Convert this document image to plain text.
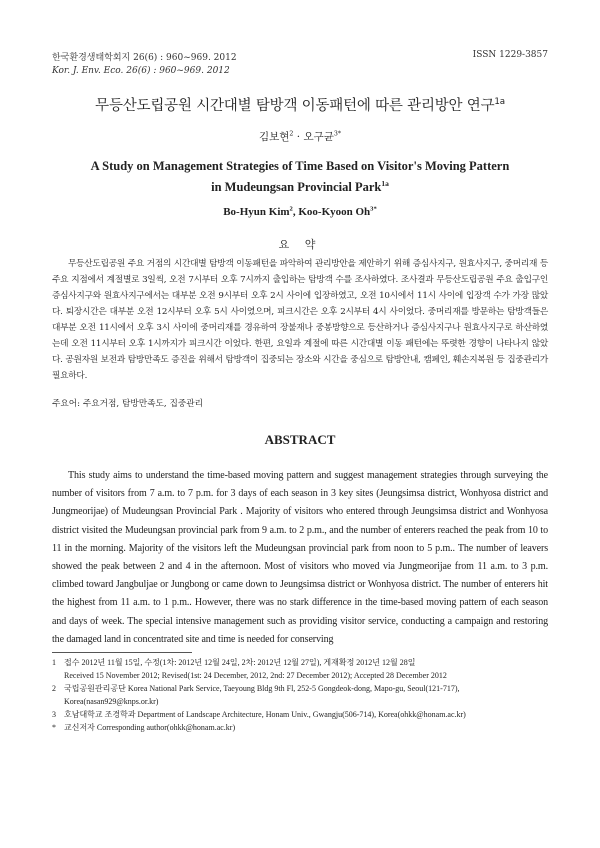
한국환경생태학회지 26(6) : 960~969. 2012	ISSN 1229-3857
Kor. J. Env. Eco. 26(6) : 960~969. 2012
무등산도립공원 시간대별 탐방객 이동패턴에 따른 관리방안 연구$^{1a}$
김보현$^2$ · 오구균$^{3*}$
A Study on Management Strategies of Time Based on Visitor's Moving Pattern
in Mudeungsan Provincial Park$^{1a}$
Bo-Hyun Kim$^2$, Koo-Kyoon $Oh^{3*}$
요 약
무등산도립공원 주요 거점의 시간대별 탐방객 이동패턴을 파악하여 관리방안을 제안하기 위해 증심사지구, 원효사지구, 중머리재 등 주요 지점에서 계절별로 3일씩, 오전 7시부터 오후 7시까지 출입하는 탐방객 수를 조사하였다. 조사결과 무등산도립공원 주요 출입구인 증심사지구와 원효사지구에서는 대부분 오전 9시부터 오후 2시 사이에 입장하였고, 오전 10시에서 11시 사이에 입장객 수가 가장 많았다. 퇴장시간은 대부분 오전 12시부터 오후 5시 사이였으며, 피크시간은 오후 2시부터 4시 사이었다. 중머리재를 방문하는 탐방객들은 대부분 오전 11시에서 오후 3시 사이에 중머리재를 경유하여 장불재나 중봉방향으로 등산하거나 증심사지구나 원효사지구로 하산하였는데 오전 11시부터 오후 1시까지가 피크시간 이었다. 한편, 요일과 계절에 따른 시간대별 이동 패턴에는 뚜렷한 경향이 나타나지 않았다. 공원자원 보전과 탐방만족도 증진을 위해서 탐방객이 집중되는 장소와 시간을 중심으로 탐방안내, 캠페인, 훼손지복원 등 집중관리가 필요하다.
주요어: 주요거점, 탐방만족도, 집중관리
ABSTRACT
This study aims to understand the time-based moving pattern and suggest management strategies through surveying the number of visitors from 7 a.m. to 7 p.m. for 3 days of each season in 3 key sites (Jeungsimsa district, Wonhyosa district and Jungmeorijae) of Mudeungsan Provincial Park . Majority of visitors who entered through Jeungsimsa district and Wonhyosa district visited the Mudeungsan provincial park from 9 a.m. to 2 p.m., and the number of enterers reached the peak from 10 to 11 in the morning. Majority of the visitors left the Mudeungsan provincial park from noon to 5 p.m.. The number of leavers showed the peak between 2 and 4 in the afternoon. Most of visitors who moved via Jungmeorijae from 11 a.m. to 3 p.m. climbed toward Jangbuljae or Jungbong or came down to Jeungsimsa district or Wonhyosa district. The number of enterers hit the highest from 11 a.m. to 1 p.m.. However, there was no stark difference in the time-based moving pattern of each season and days of week. The special intensive management such as providing visitor service, conducting a campaign and restoring the damaged land in concentrated site and time is needed for conserving
1	접수 2012년 11월 15일, 수정(1차: 2012년 12월 24일, 2차: 2012년 12월 27일), 게재확정 2012년 12월 28일
Received 15 November 2012; Revised(1st: 24 December, 2012, 2nd: 27 December 2012); Accepted 28 December 2012
2	국립공원관리공단 Korea National Park Service, Taeyoung Bldg 9th Fl, 252-5 Gongdeok-dong, Mapo-gu, Seoul(121-717),
Korea(nasan929@knps.or.kr)
3	호남대학교 조경학과 Department of Landscape Architecture, Honam Univ., Gwangju(506-714), Korea(ohkk@honam.ac.kr)
*	교신저자 Corresponding author(ohkk@honam.ac.kr)
